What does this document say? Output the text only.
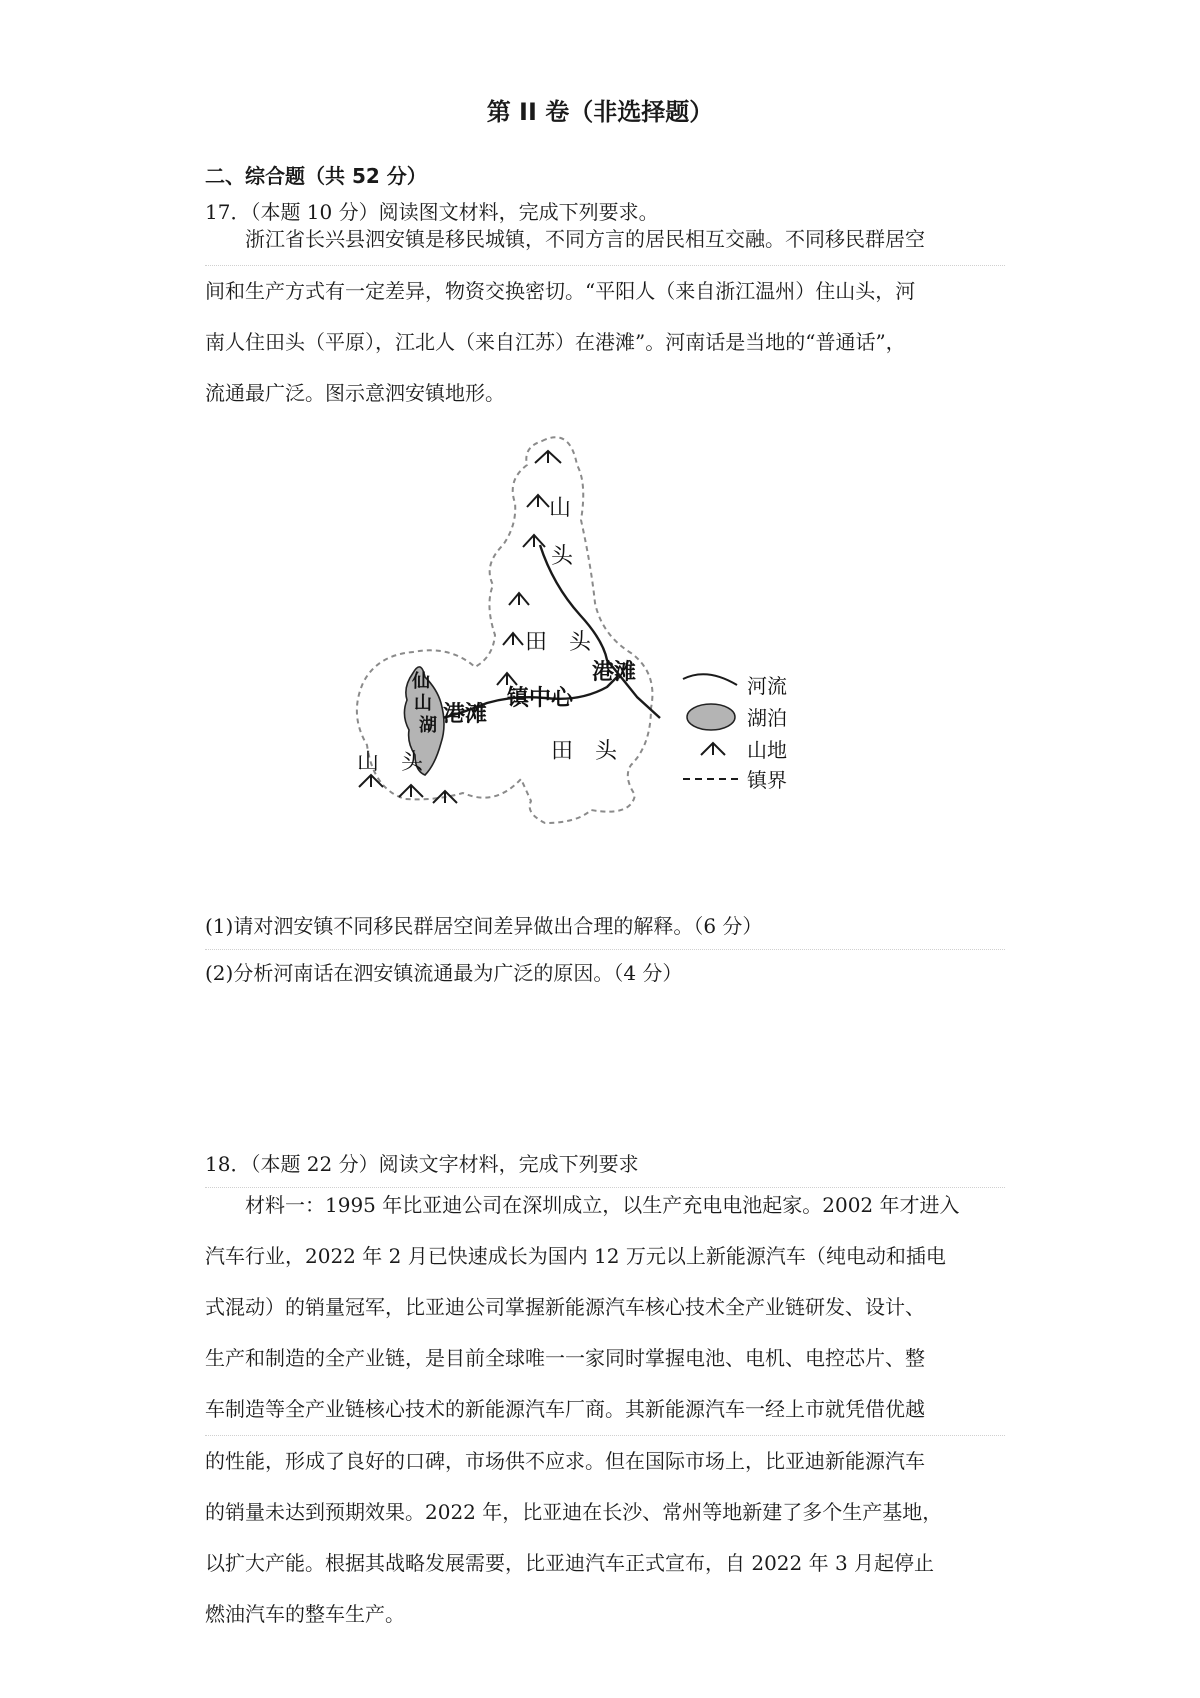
第 II 卷（非选择题）
二、综合题（共 52 分）
17．（本题 10 分）阅读图文材料，完成下列要求。

浙江省长兴县泗安镇是移民城镇，不同方言的居民相互交融。不同移民群居空

间和生产方式有一定差异，物资交换密切。“平阳人（来自浙江温州）住山头，河

南人住田头（平原），江北人（来自江苏）在港滩”。河南话是当地的“普通话”，

流通最广泛。图示意泗安镇地形。

山
头
田　头
港滩
镇中心
港滩
仙
山
湖
山　头	田　头
河流
湖泊
山地
镇界
(1)请对泗安镇不同移民群居空间差异做出合理的解释。（6 分）
(2)分析河南话在泗安镇流通最为广泛的原因。（4 分）
18．（本题 22 分）阅读文字材料，完成下列要求

材料一：1995 年比亚迪公司在深圳成立，以生产充电电池起家。2002 年才进入

汽车行业，2022 年 2 月已快速成长为国内 12 万元以上新能源汽车（纯电动和插电

式混动）的销量冠军，比亚迪公司掌握新能源汽车核心技术全产业链研发、设计、

生产和制造的全产业链，是目前全球唯一一家同时掌握电池、电机、电控芯片、整

车制造等全产业链核心技术的新能源汽车厂商。其新能源汽车一经上市就凭借优越

的性能，形成了良好的口碑，市场供不应求。但在国际市场上，比亚迪新能源汽车

的销量未达到预期效果。2022 年，比亚迪在长沙、常州等地新建了多个生产基地，

以扩大产能。根据其战略发展需要，比亚迪汽车正式宣布，自 2022 年 3 月起停止

燃油汽车的整车生产。
